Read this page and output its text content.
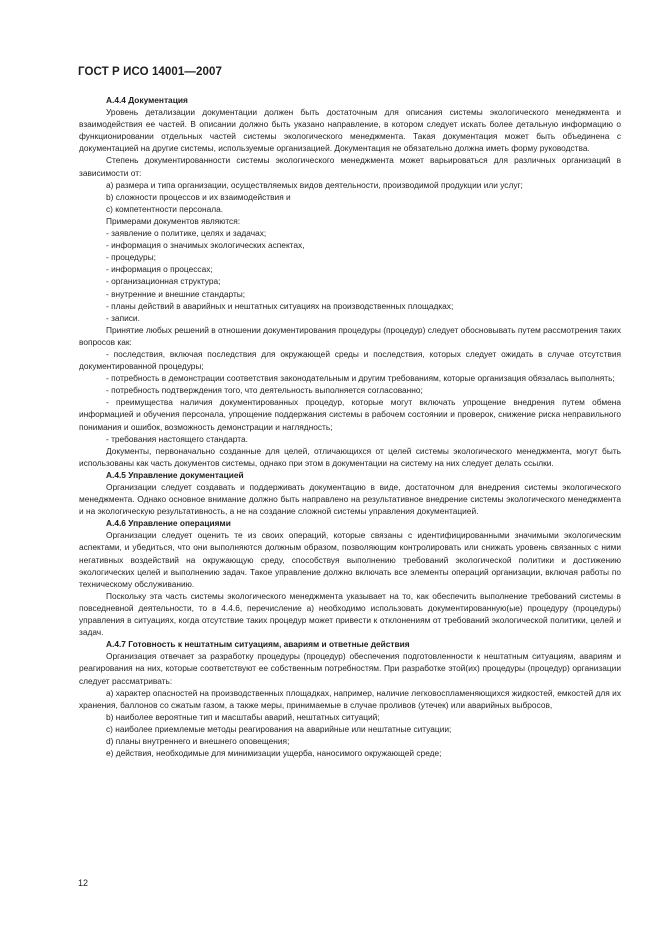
ГОСТ Р ИСО 14001—2007

А.4.4 Документация

Уровень детализации документации должен быть достаточным для описания системы экологического менеджмента и взаимодействия ее частей. В описании должно быть указано направление, в котором следует искать более детальную информацию о функционировании отдельных частей системы экологического менеджмента. Такая документация может быть объединена с документацией на другие системы, используемые организацией. Документация не обязательно должна иметь форму руководства.

Степень документированности системы экологического менеджмента может варьироваться для различных организаций в зависимости от:

a) размера и типа организации, осуществляемых видов деятельности, производимой продукции или услуг;

b) сложности процессов и их взаимодействия и

c) компетентности персонала.

Примерами документов являются:

- заявление о политике, целях и задачах;

- информация о значимых экологических аспектах,

- процедуры;

- информация о процессах;

- организационная структура;

- внутренние и внешние стандарты;

- планы действий в аварийных и нештатных ситуациях на производственных площадках;

- записи.

Принятие любых решений в отношении документирования процедуры (процедур) следует обосновывать путем рассмотрения таких вопросов как:

- последствия, включая последствия для окружающей среды и последствия, которых следует ожидать в случае отсутствия документированной процедуры;

- потребность в демонстрации соответствия законодательным и другим требованиям, которые организация обязалась выполнять;

- потребность подтверждения того, что деятельность выполняется согласованно;

- преимущества наличия документированных процедур, которые могут включать упрощение внедрения путем обмена информацией и обучения персонала, упрощение поддержания системы в рабочем состоянии и проверок, снижение риска неправильного понимания и ошибок, возможность демонстрации и наглядность;

- требования настоящего стандарта.

Документы, первоначально созданные для целей, отличающихся от целей системы экологического менеджмента, могут быть использованы как часть документов системы, однако при этом в документации на систему на них следует делать ссылки.

А.4.5 Управление документацией

Организации следует создавать и поддерживать документацию в виде, достаточном для внедрения системы экологического менеджмента. Однако основное внимание должно быть направлено на результативное внедрение системы экологического менеджмента и на экологическую результативность, а не на создание сложной системы управления документацией.

А.4.6 Управление операциями

Организации следует оценить те из своих операций, которые связаны с идентифицированными значимыми экологическим аспектами, и убедиться, что они выполняются должным образом, позволяющим контролировать или снижать уровень связанных с ними негативных воздействий на окружающую среду, способствуя выполнению требований экологической политики и достижению экологических целей и выполнению задач. Такое управление должно включать все элементы операций организации, включая работы по техническому обслуживанию.

Поскольку эта часть системы экологического менеджмента указывает на то, как обеспечить выполнение требований системы в повседневной деятельности, то в 4.4.6, перечисление а) необходимо использовать документированную(ые) процедуру (процедуры) управления в ситуациях, когда отсутствие таких процедур может привести к отклонениям от требований экологической политики, целей и задач.

А.4.7 Готовность к нештатным ситуациям, авариям и ответные действия

Организация отвечает за разработку процедуры (процедур) обеспечения подготовленности к нештатным ситуациям, авариям и реагирования на них, которые соответствуют ее собственным потребностям. При разработке этой(их) процедуры (процедур) организации следует рассматривать:

а) характер опасностей на производственных площадках, например, наличие легковоспламеняющихся жидкостей, емкостей для их хранения, баллонов со сжатым газом, а также меры, принимаемые в случае проливов (утечек) или аварийных выбросов,

b) наиболее вероятные тип и масштабы аварий, нештатных ситуаций;

c) наиболее приемлемые методы реагирования на аварийные или нештатные ситуации;

d) планы внутреннего и внешнего оповещения;

e) действия, необходимые для минимизации ущерба, наносимого окружающей среде;

12
